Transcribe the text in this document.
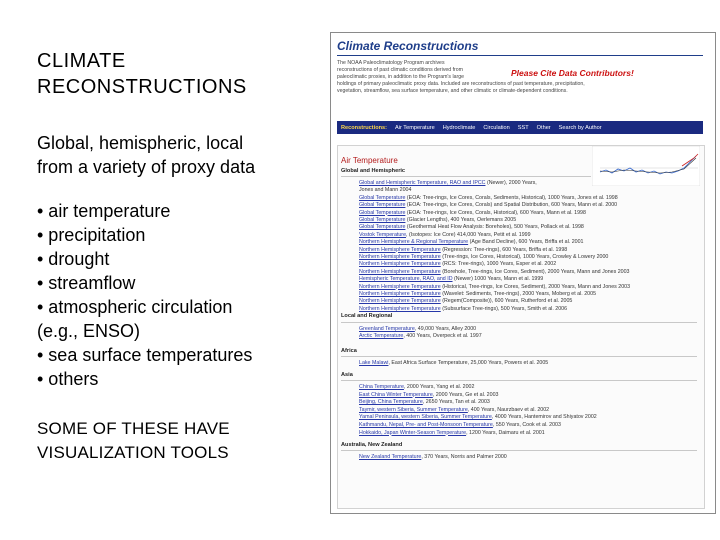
CLIMATE
RECONSTRUCTIONS
Global, hemispheric, local
from a variety of proxy data
• air temperature
• precipitation
• drought
• streamflow
• atmospheric circulation
(e.g., ENSO)
• sea surface temperatures
• others
SOME OF THESE HAVE
VISUALIZATION TOOLS
Climate Reconstructions
The NOAA Paleoclimatology Program archives
reconstructions of past climatic conditions derived from
paleoclimatic proxies, in addition to the Program's large
holdings of primary paleoclimatic proxy data. Included are reconstructions of past temperature, precipitation,
vegetation, streamflow, sea surface temperature, and other climatic or climate-dependent conditions.
Please Cite Data Contributors!
Reconstructions:	Air Temperature	Hydroclimate	Circulation	SST	Other	Search by Author
Air Temperature
Global and Hemispheric
Global and Hemispheric Temperature, RAO and IPCC (Newer), 2000 Years,
Jones and Mann 2004
Global Temperature (EOA: Tree-rings, Ice Cores, Corals, Sediments, Historical), 1000 Years, Jones et al. 1998
Global Temperature (EOA: Tree-rings, Ice Cores, Corals) and Spatial Distribution, 600 Years, Mann et al. 2000
Global Temperature (EOA: Tree-rings, Ice Cores, Corals, Historical), 600 Years, Mann et al. 1998
Global Temperature (Glacier Lengths), 400 Years, Oerlemans 2005
Global Temperature (Geothermal Heat Flow Analysis: Boreholes), 500 Years, Pollack et al. 1998
Vostok Temperature, (Isotopes: Ice Core) 414,000 Years, Petit et al. 1999
Northern Hemisphere & Regional Temperature (Age Band Decline), 600 Years, Briffa et al. 2001
Northern Hemisphere Temperature (Regression: Tree-rings), 600 Years, Briffa et al. 1998
Northern Hemisphere Temperature (Tree-rings, Ice Cores, Historical), 1000 Years, Crowley & Lowery 2000
Northern Hemisphere Temperature (RCS: Tree-rings), 1000 Years, Esper et al. 2002
Northern Hemisphere Temperature (Borehole, Tree-rings, Ice Cores, Sediment), 2000 Years, Mann and Jones 2003
Hemispheric Temperature, RAO, and ID (Newer) 1000 Years, Mann et al. 1999
Northern Hemisphere Temperature (Historical, Tree-rings, Ice Cores, Sediment), 2000 Years, Mann and Jones 2003
Northern Hemisphere Temperature (Wavelet: Sediments, Tree-rings), 2000 Years, Moberg et al. 2005
Northern Hemisphere Temperature (Regem(Composite)), 600 Years, Rutherford et al. 2005
Northern Hemisphere Temperature (Subsurface Tree-rings), 500 Years, Smith et al. 2006
Local and Regional
Greenland Temperature, 49,000 Years, Alley 2000
Arctic Temperature, 400 Years, Overpeck et al. 1997
Africa
Lake Malawi, East Africa Surface Temperature, 25,000 Years, Powers et al. 2005
Asia
China Temperature, 2000 Years, Yang et al. 2002
East China Winter Temperature, 2000 Years, Ge et al. 2003
Beijing, China Temperature, 2650 Years, Tan et al. 2003
Taymir, western Siberia, Summer Temperature, 400 Years, Naurzbaev et al. 2002
Yamal Peninsula, western Siberia, Summer Temperature, 4000 Years, Hantemirov and Shiyatov 2002
Kathmandu, Nepal, Pre- and Post-Monsoon Temperature, 550 Years, Cook et al. 2003
Hokkaido, Japan Winter-Season Temperature, 1200 Years, Daimaru et al. 2001
Australia, New Zealand
New Zealand Temperature, 370 Years, Norris and Palmer 2000
